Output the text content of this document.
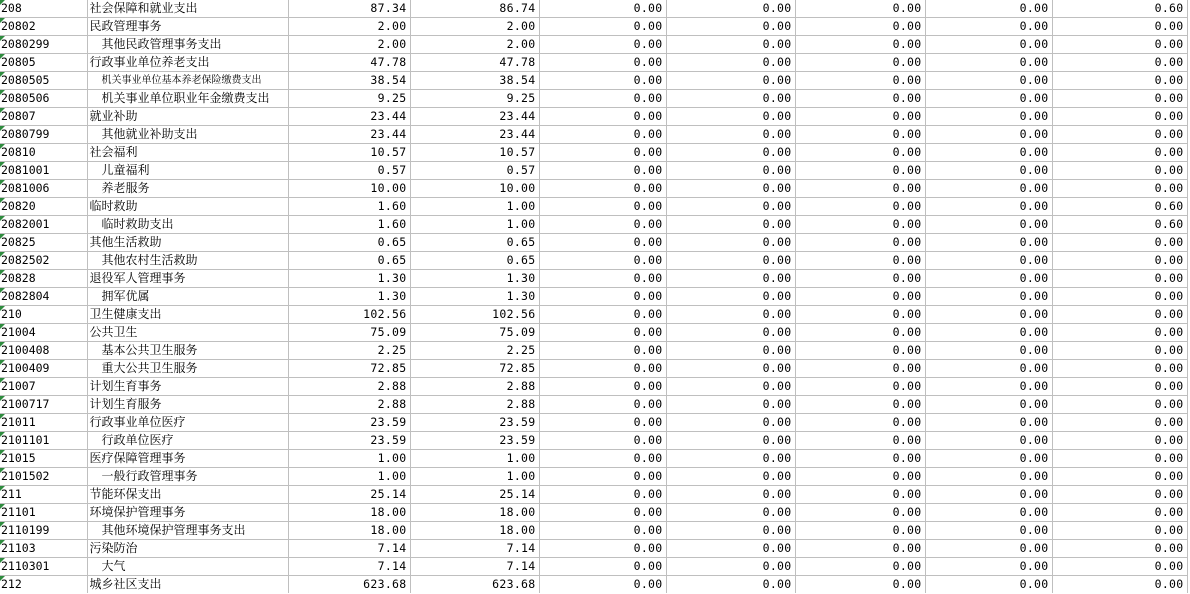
208	社会保障和就业支出	87.34	86.74	0.00	0.00	0.00	0.00	0.60

20802	民政管理事务	2.00	2.00	0.00	0.00	0.00	0.00	0.00

2080299	其他民政管理事务支出	2.00	2.00	0.00	0.00	0.00	0.00	0.00

20805	行政事业单位养老支出	47.78	47.78	0.00	0.00	0.00	0.00	0.00

2080505	机关事业单位基本养老保险缴费支出	38.54	38.54	0.00	0.00	0.00	0.00	0.00

2080506	机关事业单位职业年金缴费支出	9.25	9.25	0.00	0.00	0.00	0.00	0.00

20807	就业补助	23.44	23.44	0.00	0.00	0.00	0.00	0.00

2080799	其他就业补助支出	23.44	23.44	0.00	0.00	0.00	0.00	0.00

20810	社会福利	10.57	10.57	0.00	0.00	0.00	0.00	0.00

2081001	儿童福利	0.57	0.57	0.00	0.00	0.00	0.00	0.00

2081006	养老服务	10.00	10.00	0.00	0.00	0.00	0.00	0.00

20820	临时救助	1.60	1.00	0.00	0.00	0.00	0.00	0.60

2082001	临时救助支出	1.60	1.00	0.00	0.00	0.00	0.00	0.60

20825	其他生活救助	0.65	0.65	0.00	0.00	0.00	0.00	0.00

2082502	其他农村生活救助	0.65	0.65	0.00	0.00	0.00	0.00	0.00

20828	退役军人管理事务	1.30	1.30	0.00	0.00	0.00	0.00	0.00

2082804	拥军优属	1.30	1.30	0.00	0.00	0.00	0.00	0.00

210	卫生健康支出	102.56	102.56	0.00	0.00	0.00	0.00	0.00

21004	公共卫生	75.09	75.09	0.00	0.00	0.00	0.00	0.00

2100408	基本公共卫生服务	2.25	2.25	0.00	0.00	0.00	0.00	0.00

2100409	重大公共卫生服务	72.85	72.85	0.00	0.00	0.00	0.00	0.00

21007	计划生育事务	2.88	2.88	0.00	0.00	0.00	0.00	0.00

2100717	计划生育服务	2.88	2.88	0.00	0.00	0.00	0.00	0.00

21011	行政事业单位医疗	23.59	23.59	0.00	0.00	0.00	0.00	0.00

2101101	行政单位医疗	23.59	23.59	0.00	0.00	0.00	0.00	0.00

21015	医疗保障管理事务	1.00	1.00	0.00	0.00	0.00	0.00	0.00

2101502	一般行政管理事务	1.00	1.00	0.00	0.00	0.00	0.00	0.00

211	节能环保支出	25.14	25.14	0.00	0.00	0.00	0.00	0.00

21101	环境保护管理事务	18.00	18.00	0.00	0.00	0.00	0.00	0.00

2110199	其他环境保护管理事务支出	18.00	18.00	0.00	0.00	0.00	0.00	0.00

21103	污染防治	7.14	7.14	0.00	0.00	0.00	0.00	0.00

2110301	大气	7.14	7.14	0.00	0.00	0.00	0.00	0.00

212	城乡社区支出	623.68	623.68	0.00	0.00	0.00	0.00	0.00
